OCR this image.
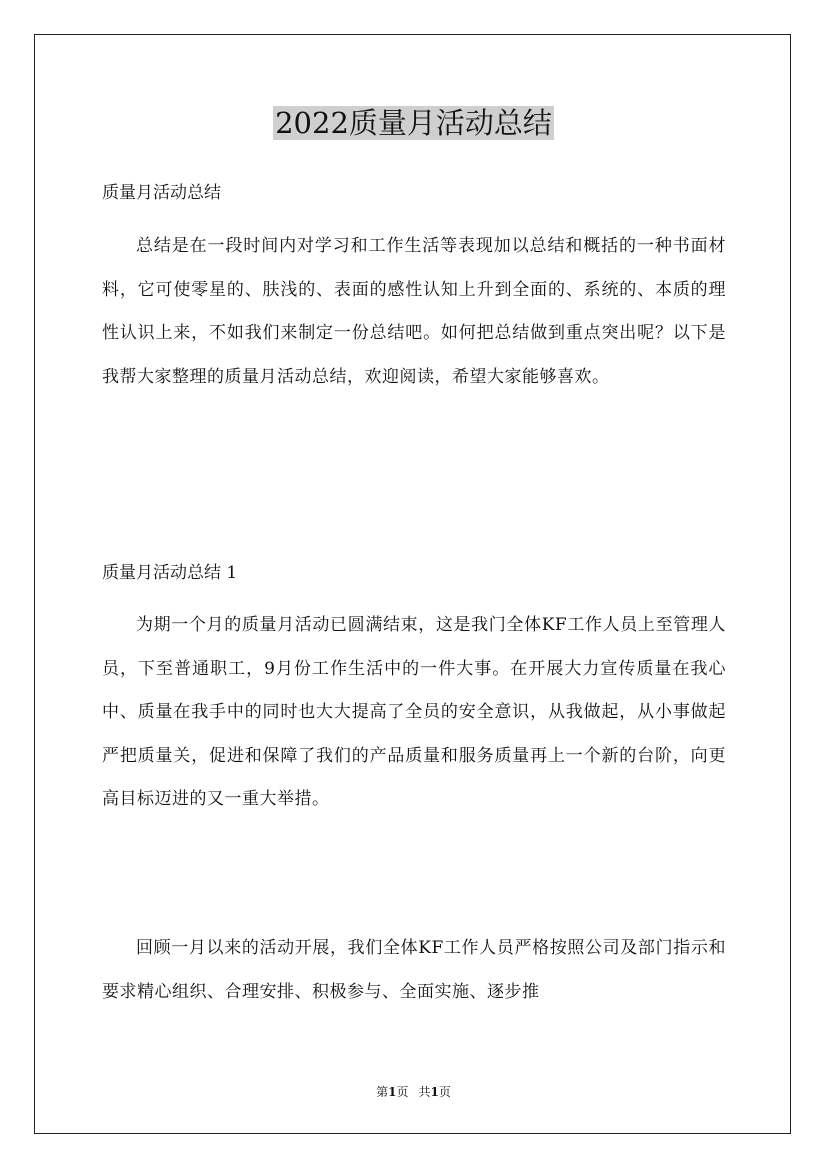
2022质量月活动总结
质量月活动总结

总结是在一段时间内对学习和工作生活等表现加以总结和概括的一种书面材料，它可使零星的、肤浅的、表面的感性认知上升到全面的、系统的、本质的理性认识上来，不如我们来制定一份总结吧。如何把总结做到重点突出呢？以下是我帮大家整理的质量月活动总结，欢迎阅读，希望大家能够喜欢。

质量月活动总结 1

为期一个月的质量月活动已圆满结束，这是我门全体KF工作人员上至管理人员，下至普通职工，9月份工作生活中的一件大事。在开展大力宣传质量在我心中、质量在我手中的同时也大大提高了全员的安全意识，从我做起，从小事做起严把质量关，促进和保障了我们的产品质量和服务质量再上一个新的台阶，向更高目标迈进的又一重大举措。

回顾一月以来的活动开展，我们全体KF工作人员严格按照公司及部门指示和要求精心组织、合理安排、积极参与、全面实施、逐步推

第1页 共1页
